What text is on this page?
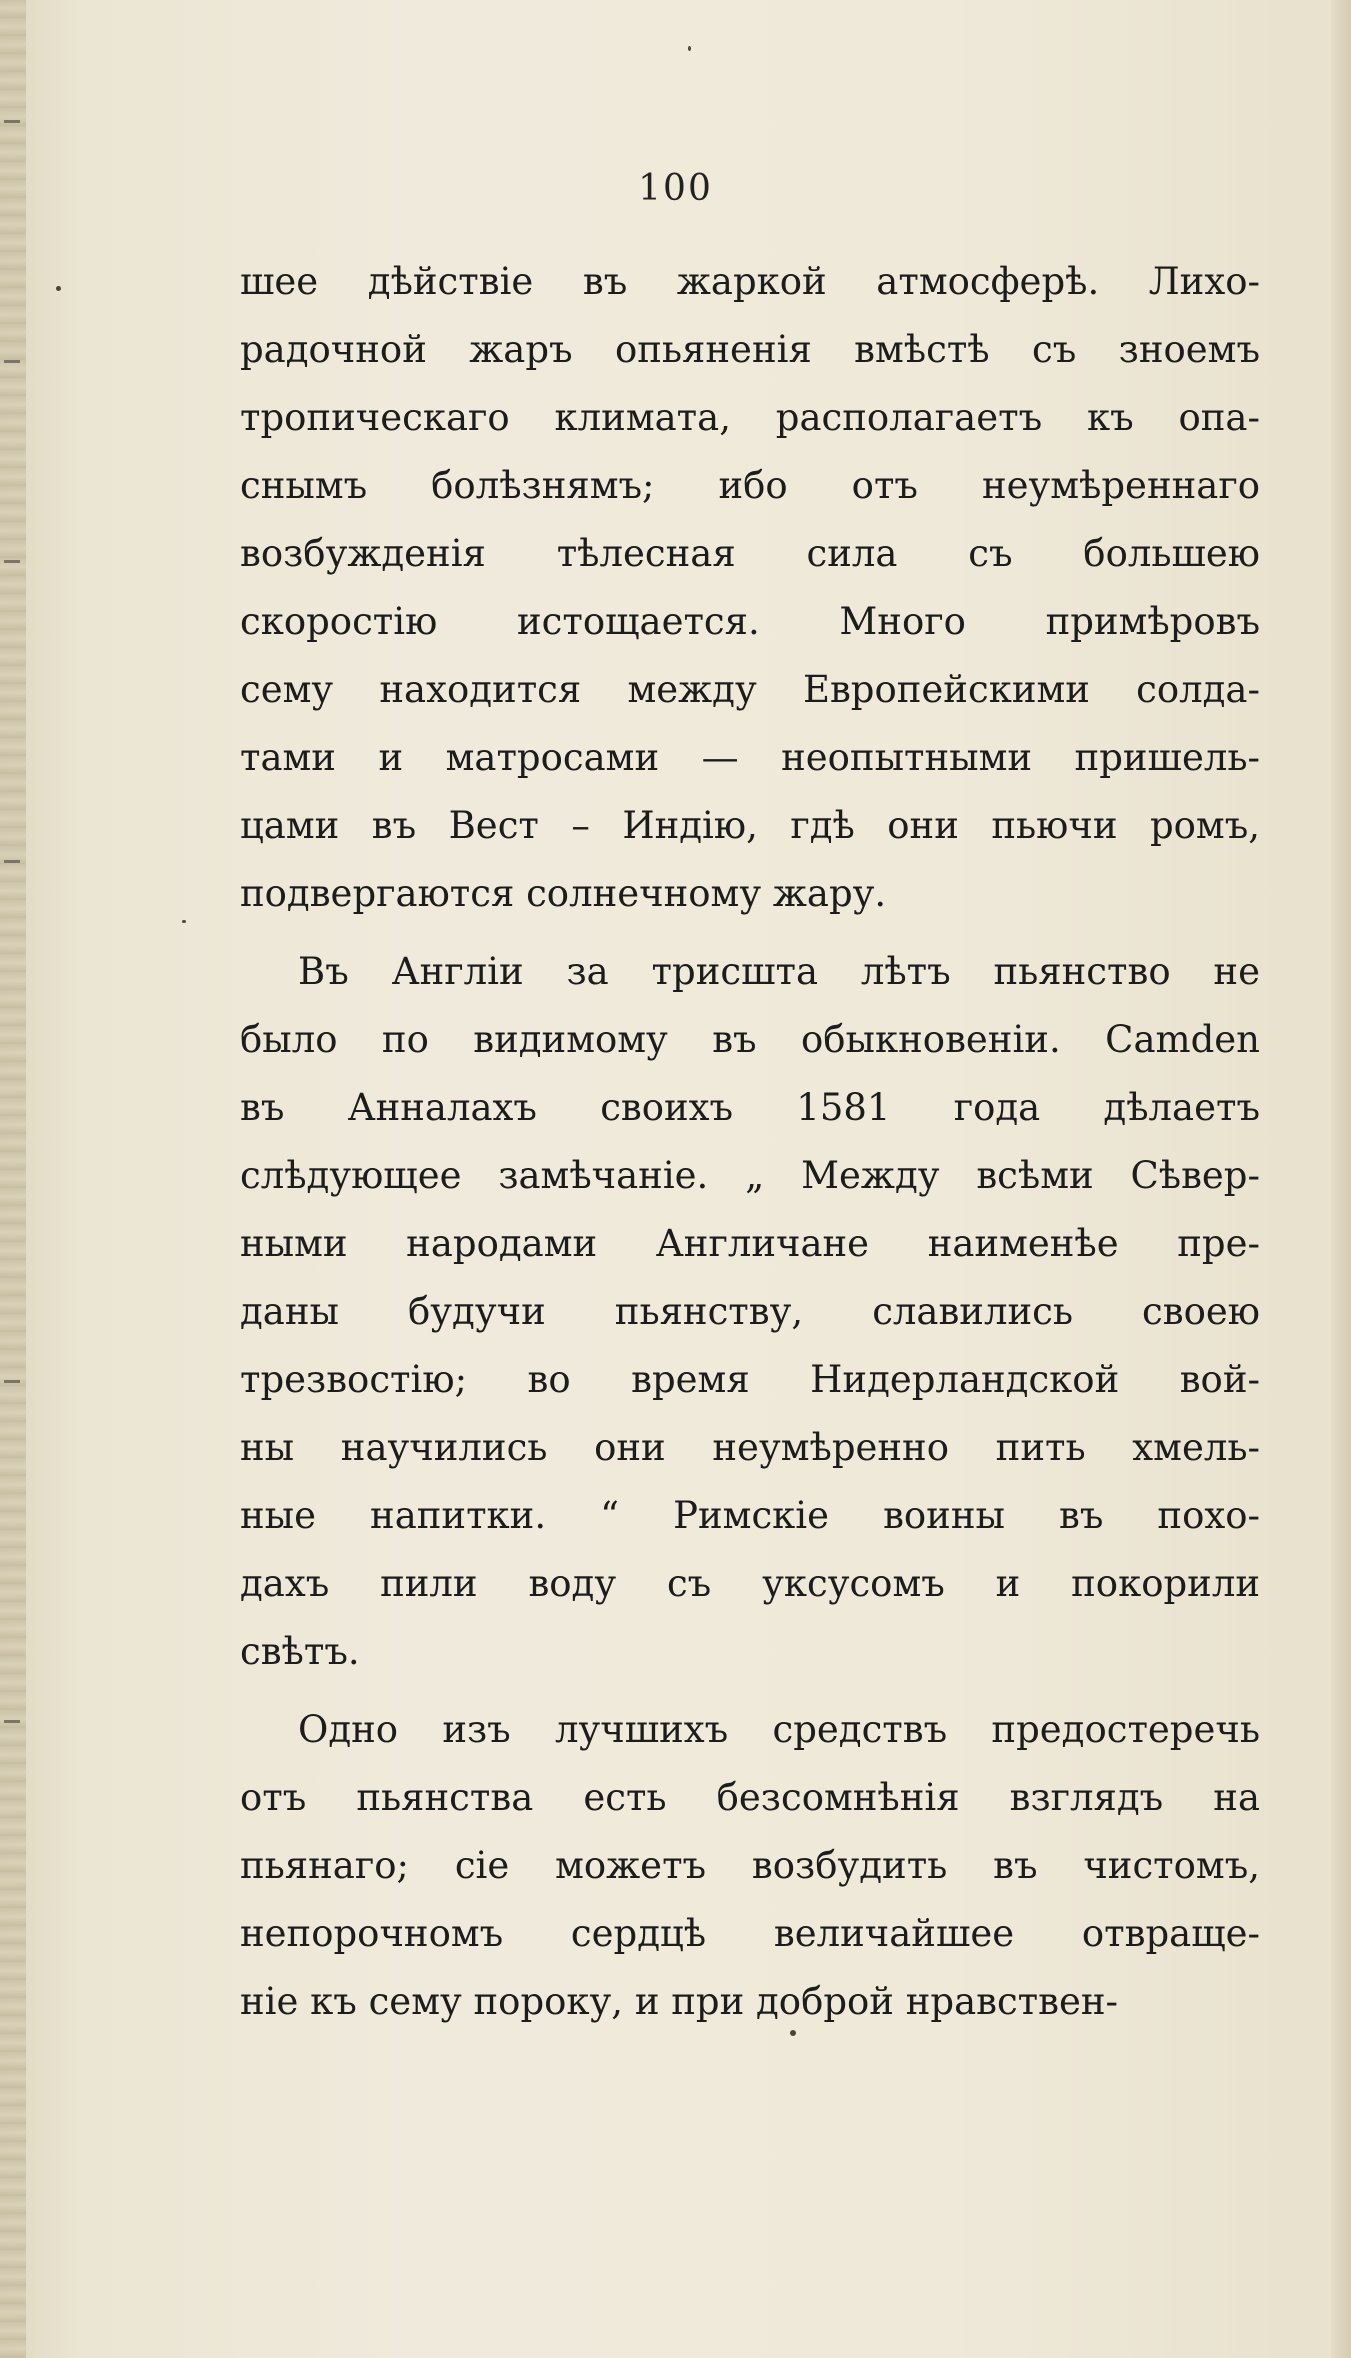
100
шее дѣйствіе въ жаркой атмосферѣ. Лихо-
радочной жаръ опьяненія вмѣстѣ съ зноемъ
тропическаго климата, располагаетъ къ опа-
снымъ болѣзнямъ; ибо отъ неумѣреннаго
возбужденія тѣлесная сила съ большею
скоростію истощается. Много примѣровъ
сему находится между Европейскими солда-
тами и матросами — неопытными пришель-
цами въ Вест – Индію, гдѣ они пьючи ромъ,
подвергаются солнечному жару.
Въ Англіи за трисшта лѣтъ пьянство не
было по видимому въ обыкновеніи. Camden
въ Анналахъ своихъ 1581 года дѣлаетъ
слѣдующее замѣчаніе. „ Между всѣми Сѣвер-
ными народами Англичане наименѣе пре-
даны будучи пьянству, славились своею
трезвостію; во время Нидерландской вой-
ны научились они неумѣренно пить хмель-
ные напитки. “ Римскіе воины въ похо-
дахъ пили воду съ уксусомъ и покорили
свѣтъ.
Одно изъ лучшихъ средствъ предостеречь
отъ пьянства есть безсомнѣнія взглядъ на
пьянаго; сіе можетъ возбудить въ чистомъ,
непорочномъ сердцѣ величайшее отвраще-
ніе къ сему пороку, и при доброй нравствен-
